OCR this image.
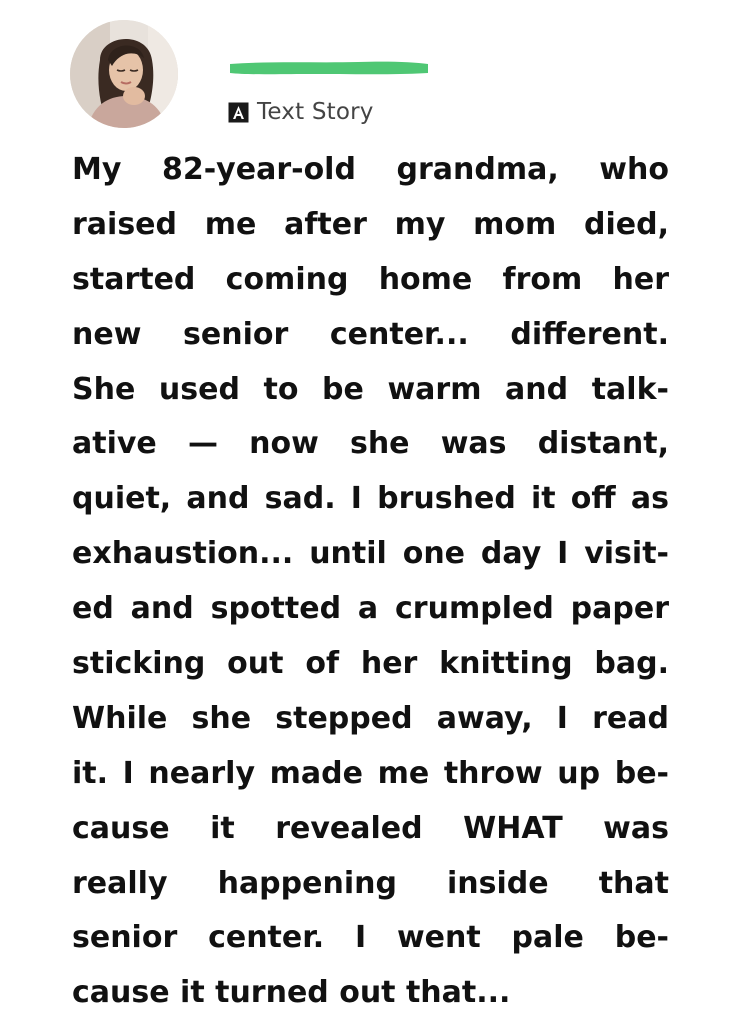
Text Story
My 82-year-old grandma, who
raised me after my mom died,
started coming home from her
new senior center... different.
She used to be warm and talk-
ative — now she was distant,
quiet, and sad. I brushed it off as
exhaustion... until one day I visit-
ed and spotted a crumpled paper
sticking out of her knitting bag.
While she stepped away, I read
it. I nearly made me throw up be-
cause it revealed WHAT was
really happening inside that
senior center. I went pale be-
cause it turned out that...
